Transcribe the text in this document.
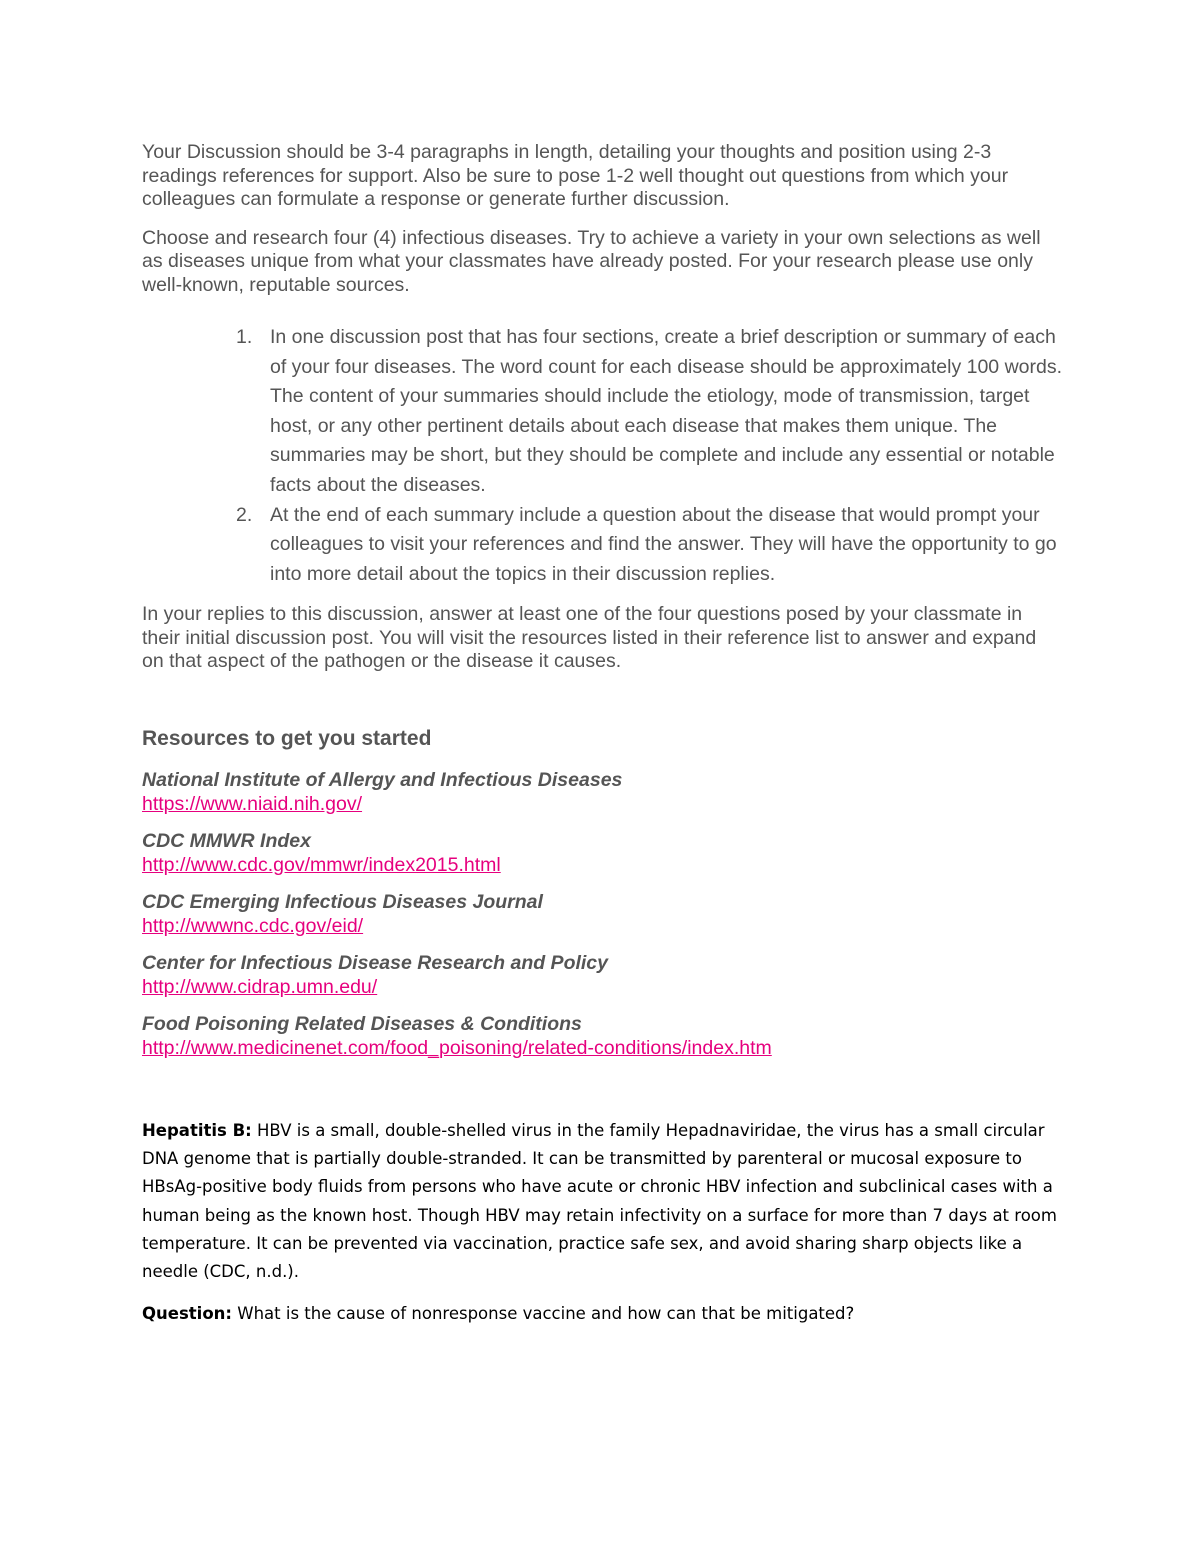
Your Discussion should be 3-4 paragraphs in length, detailing your thoughts and position using 2-3 readings references for support. Also be sure to pose 1-2 well thought out questions from which your colleagues can formulate a response or generate further discussion.

Choose and research four (4) infectious diseases. Try to achieve a variety in your own selections as well as diseases unique from what your classmates have already posted. For your research please use only well-known, reputable sources.

1. In one discussion post that has four sections, create a brief description or summary of each of your four diseases. The word count for each disease should be approximately 100 words. The content of your summaries should include the etiology, mode of transmission, target host, or any other pertinent details about each disease that makes them unique. The summaries may be short, but they should be complete and include any essential or notable facts about the diseases.
2. At the end of each summary include a question about the disease that would prompt your colleagues to visit your references and find the answer. They will have the opportunity to go into more detail about the topics in their discussion replies.

In your replies to this discussion, answer at least one of the four questions posed by your classmate in their initial discussion post. You will visit the resources listed in their reference list to answer and expand on that aspect of the pathogen or the disease it causes.

Resources to get you started
National Institute of Allergy and Infectious Diseases
https://www.niaid.nih.gov/
CDC MMWR Index
http://www.cdc.gov/mmwr/index2015.html
CDC Emerging Infectious Diseases Journal
http://wwwnc.cdc.gov/eid/
Center for Infectious Disease Research and Policy
http://www.cidrap.umn.edu/
Food Poisoning Related Diseases & Conditions
http://www.medicinenet.com/food_poisoning/related-conditions/index.htm
Hepatitis B: HBV is a small, double-shelled virus in the family Hepadnaviridae, the virus has a small circular DNA genome that is partially double-stranded. It can be transmitted by parenteral or mucosal exposure to HBsAg-positive body fluids from persons who have acute or chronic HBV infection and subclinical cases with a human being as the known host. Though HBV may retain infectivity on a surface for more than 7 days at room temperature. It can be prevented via vaccination, practice safe sex, and avoid sharing sharp objects like a needle (CDC, n.d.).
Question: What is the cause of nonresponse vaccine and how can that be mitigated?
